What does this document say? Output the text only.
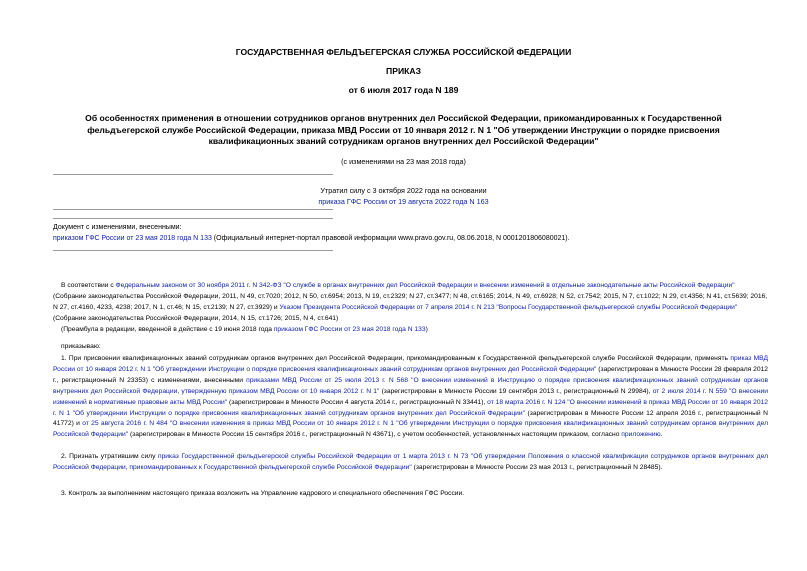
ГОСУДАРСТВЕННАЯ ФЕЛЬДЪЕГЕРСКАЯ СЛУЖБА РОССИЙСКОЙ ФЕДЕРАЦИИ
ПРИКАЗ
от 6 июля 2017 года N 189
Об особенностях применения в отношении сотрудников органов внутренних дел Российской Федерации, прикомандированных к Государственной
фельдъегерской службе Российской Федерации, приказа МВД России от 10 января 2012 г. N 1 "Об утверждении Инструкции о порядке присвоения
квалификационных званий сотрудникам органов внутренних дел Российской Федерации"
(с изменениями на 23 мая 2018 года)
Утратил силу с 3 октября 2022 года на основании
приказа ГФС России от 19 августа 2022 года N 163
Документ с изменениями, внесенными:
приказом ГФС России от 23 мая 2018 года N 133 (Официальный интернет-портал правовой информации www.pravo.gov.ru, 08.06.2018, N 0001201806080021).

В соответствии с Федеральным законом от 30 ноября 2011 г. N 342-ФЗ "О службе в органах внутренних дел Российской Федерации и внесении изменений в отдельные законодательные акты Российской Федерации" (Собрание законодательства Российской Федерации, 2011, N 49, ст.7020; 2012, N 50, ст.6954; 2013, N 19, ст.2329; N 27, ст.3477; N 48, ст.6165; 2014, N 49, ст.6928; N 52, ст.7542; 2015, N 7, ст.1022; N 29, ст.4356; N 41, ст.5639; 2016, N 27, ст.4160, 4233, 4238; 2017, N 1, ст.46; N 15, ст.2139; N 27, ст.3929) и Указом Президента Российской Федерации от 7 апреля 2014 г. N 213 "Вопросы Государственной фельдъегерской службы Российской Федерации" (Собрание законодательства Российской Федерации, 2014, N 15, ст.1726; 2015, N 4, ст.641)

(Преамбула в редакции, введенной в действие с 19 июня 2018 года приказом ГФС России от 23 мая 2018 года N 133)

приказываю:

1. При присвоении квалификационных званий сотрудникам органов внутренних дел Российской Федерации, прикомандированным к Государственной фельдъегерской службе Российской Федерации, применять приказ МВД России от 10 января 2012 г. N 1 "Об утверждении Инструкции о порядке присвоения квалификационных званий сотрудникам органов внутренних дел Российской Федерации" (зарегистрирован в Минюсте России 28 февраля 2012 г., регистрационный N 23353) с изменениями, внесенными приказами МВД России от 25 июля 2013 г. N 568 "О внесении изменений в Инструкцию о порядке присвоения квалификационных званий сотрудникам органов внутренних дел Российской Федерации, утвержденную приказом МВД России от 10 января 2012 г. N 1" (зарегистрирован в Минюсте России 19 сентября 2013 г., регистрационный N 29984), от 2 июля 2014 г. N 559 "О внесении изменений в нормативные правовые акты МВД России" (зарегистрирован в Минюсте России 4 августа 2014 г., регистрационный N 33441), от 18 марта 2016 г. N 124 "О внесении изменений в приказ МВД России от 10 января 2012 г. N 1 "Об утверждении Инструкции о порядке присвоения квалификационных званий сотрудникам органов внутренних дел Российской Федерации" (зарегистрирован в Минюсте России 12 апреля 2016 г., регистрационный N 41772) и от 25 августа 2016 г. N 484 "О внесении изменения в приказ МВД России от 10 января 2012 г. N 1 "Об утверждении Инструкции о порядке присвоения квалификационных званий сотрудникам органов внутренних дел Российской Федерации" (зарегистрирован в Минюсте России 15 сентября 2016 г., регистрационный N 43671), с учетом особенностей, установленных настоящим приказом, согласно приложению.

2. Признать утратившим силу приказ Государственной фельдъегерской службы Российской Федерации от 1 марта 2013 г. N 73 "Об утверждении Положения о классной квалификации сотрудников органов внутренних дел Российской Федерации, прикомандированных к Государственной фельдъегерской службе Российской Федерации" (зарегистрирован в Минюсте России 23 мая 2013 г., регистрационный N 28485).

3. Контроль за выполнением настоящего приказа возложить на Управление кадрового и специального обеспечения ГФС России.
